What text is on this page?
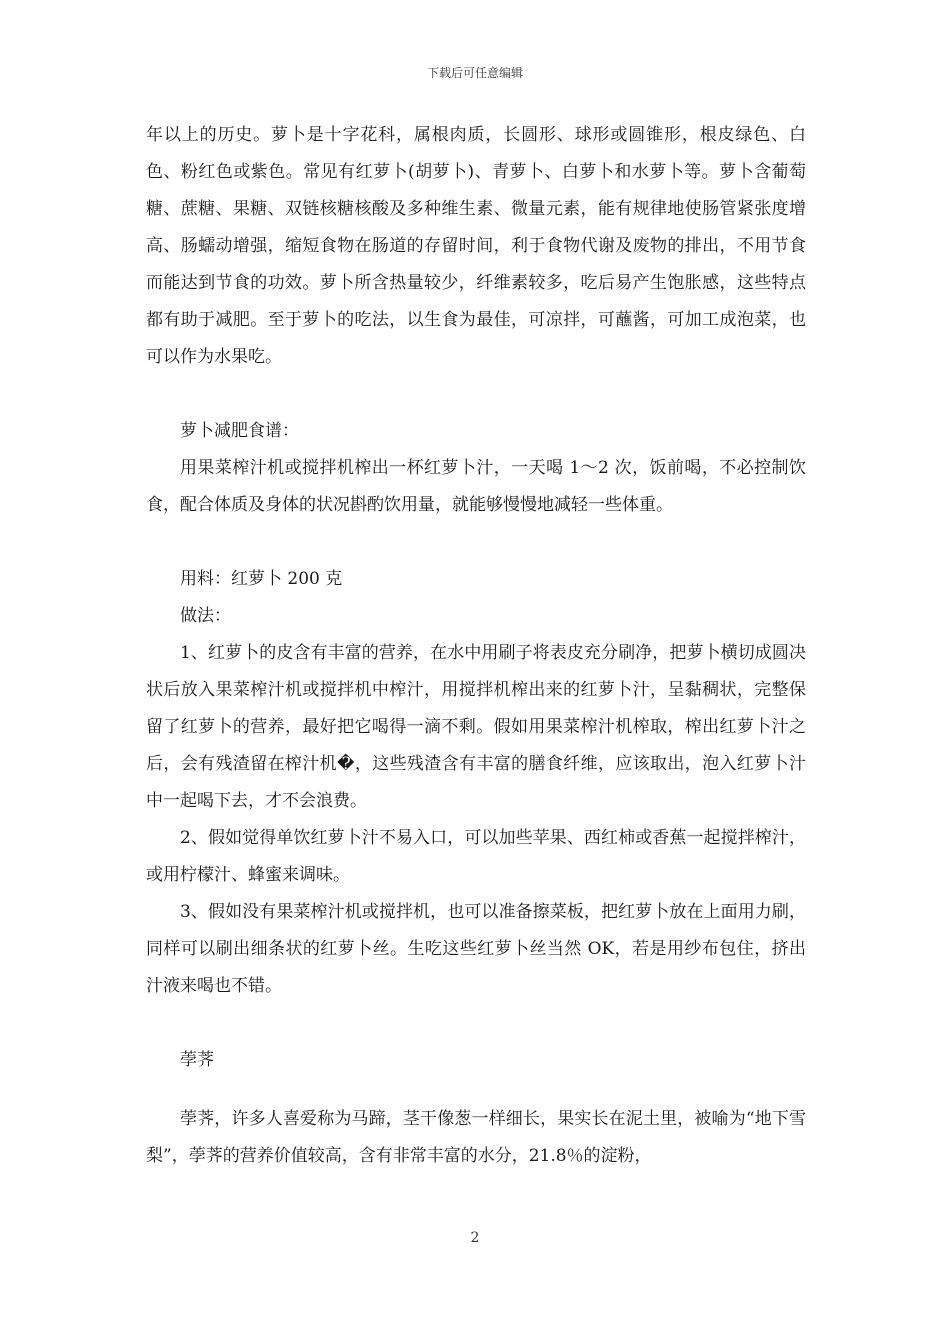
下载后可任意编辑

年以上的历史。萝卜是十字花科，属根肉质，长圆形、球形或圆锥形，根皮绿色、白色、粉红色或紫色。常见有红萝卜(胡萝卜)、青萝卜、白萝卜和水萝卜等。萝卜含葡萄糖、蔗糖、果糖、双链核糖核酸及多种维生素、微量元素，能有规律地使肠管紧张度增高、肠蠕动增强，缩短食物在肠道的存留时间，利于食物代谢及废物的排出，不用节食而能达到节食的功效。萝卜所含热量较少，纤维素较多，吃后易产生饱胀感，这些特点都有助于减肥。至于萝卜的吃法，以生食为最佳，可凉拌，可蘸酱，可加工成泡菜，也可以作为水果吃。

萝卜减肥食谱：

用果菜榨汁机或搅拌机榨出一杯红萝卜汁，一天喝 1～2 次，饭前喝，不必控制饮食，配合体质及身体的状况斟酌饮用量，就能够慢慢地减轻一些体重。

用料：红萝卜 200 克

做法：

1、红萝卜的皮含有丰富的营养，在水中用刷子将表皮充分刷净，把萝卜横切成圆决状后放入果菜榨汁机或搅拌机中榨汁，用搅拌机榨出来的红萝卜汁，呈黏稠状，完整保留了红萝卜的营养，最好把它喝得一滴不剩。假如用果菜榨汁机榨取，榨出红萝卜汁之后，会有残渣留在榨汁机�，这些残渣含有丰富的膳食纤维，应该取出，泡入红萝卜汁中一起喝下去，才不会浪费。

2、假如觉得单饮红萝卜汁不易入口，可以加些苹果、西红柿或香蕉一起搅拌榨汁，或用柠檬汁、蜂蜜来调味。

3、假如没有果菜榨汁机或搅拌机，也可以准备擦菜板，把红萝卜放在上面用力刷，同样可以刷出细条状的红萝卜丝。生吃这些红萝卜丝当然 OK，若是用纱布包住，挤出汁液来喝也不错。

荸荠

荸荠，许多人喜爱称为马蹄，茎干像葱一样细长，果实长在泥土里，被喻为“地下雪梨”，荸荠的营养价值较高，含有非常丰富的水分，21.8％的淀粉，

2
